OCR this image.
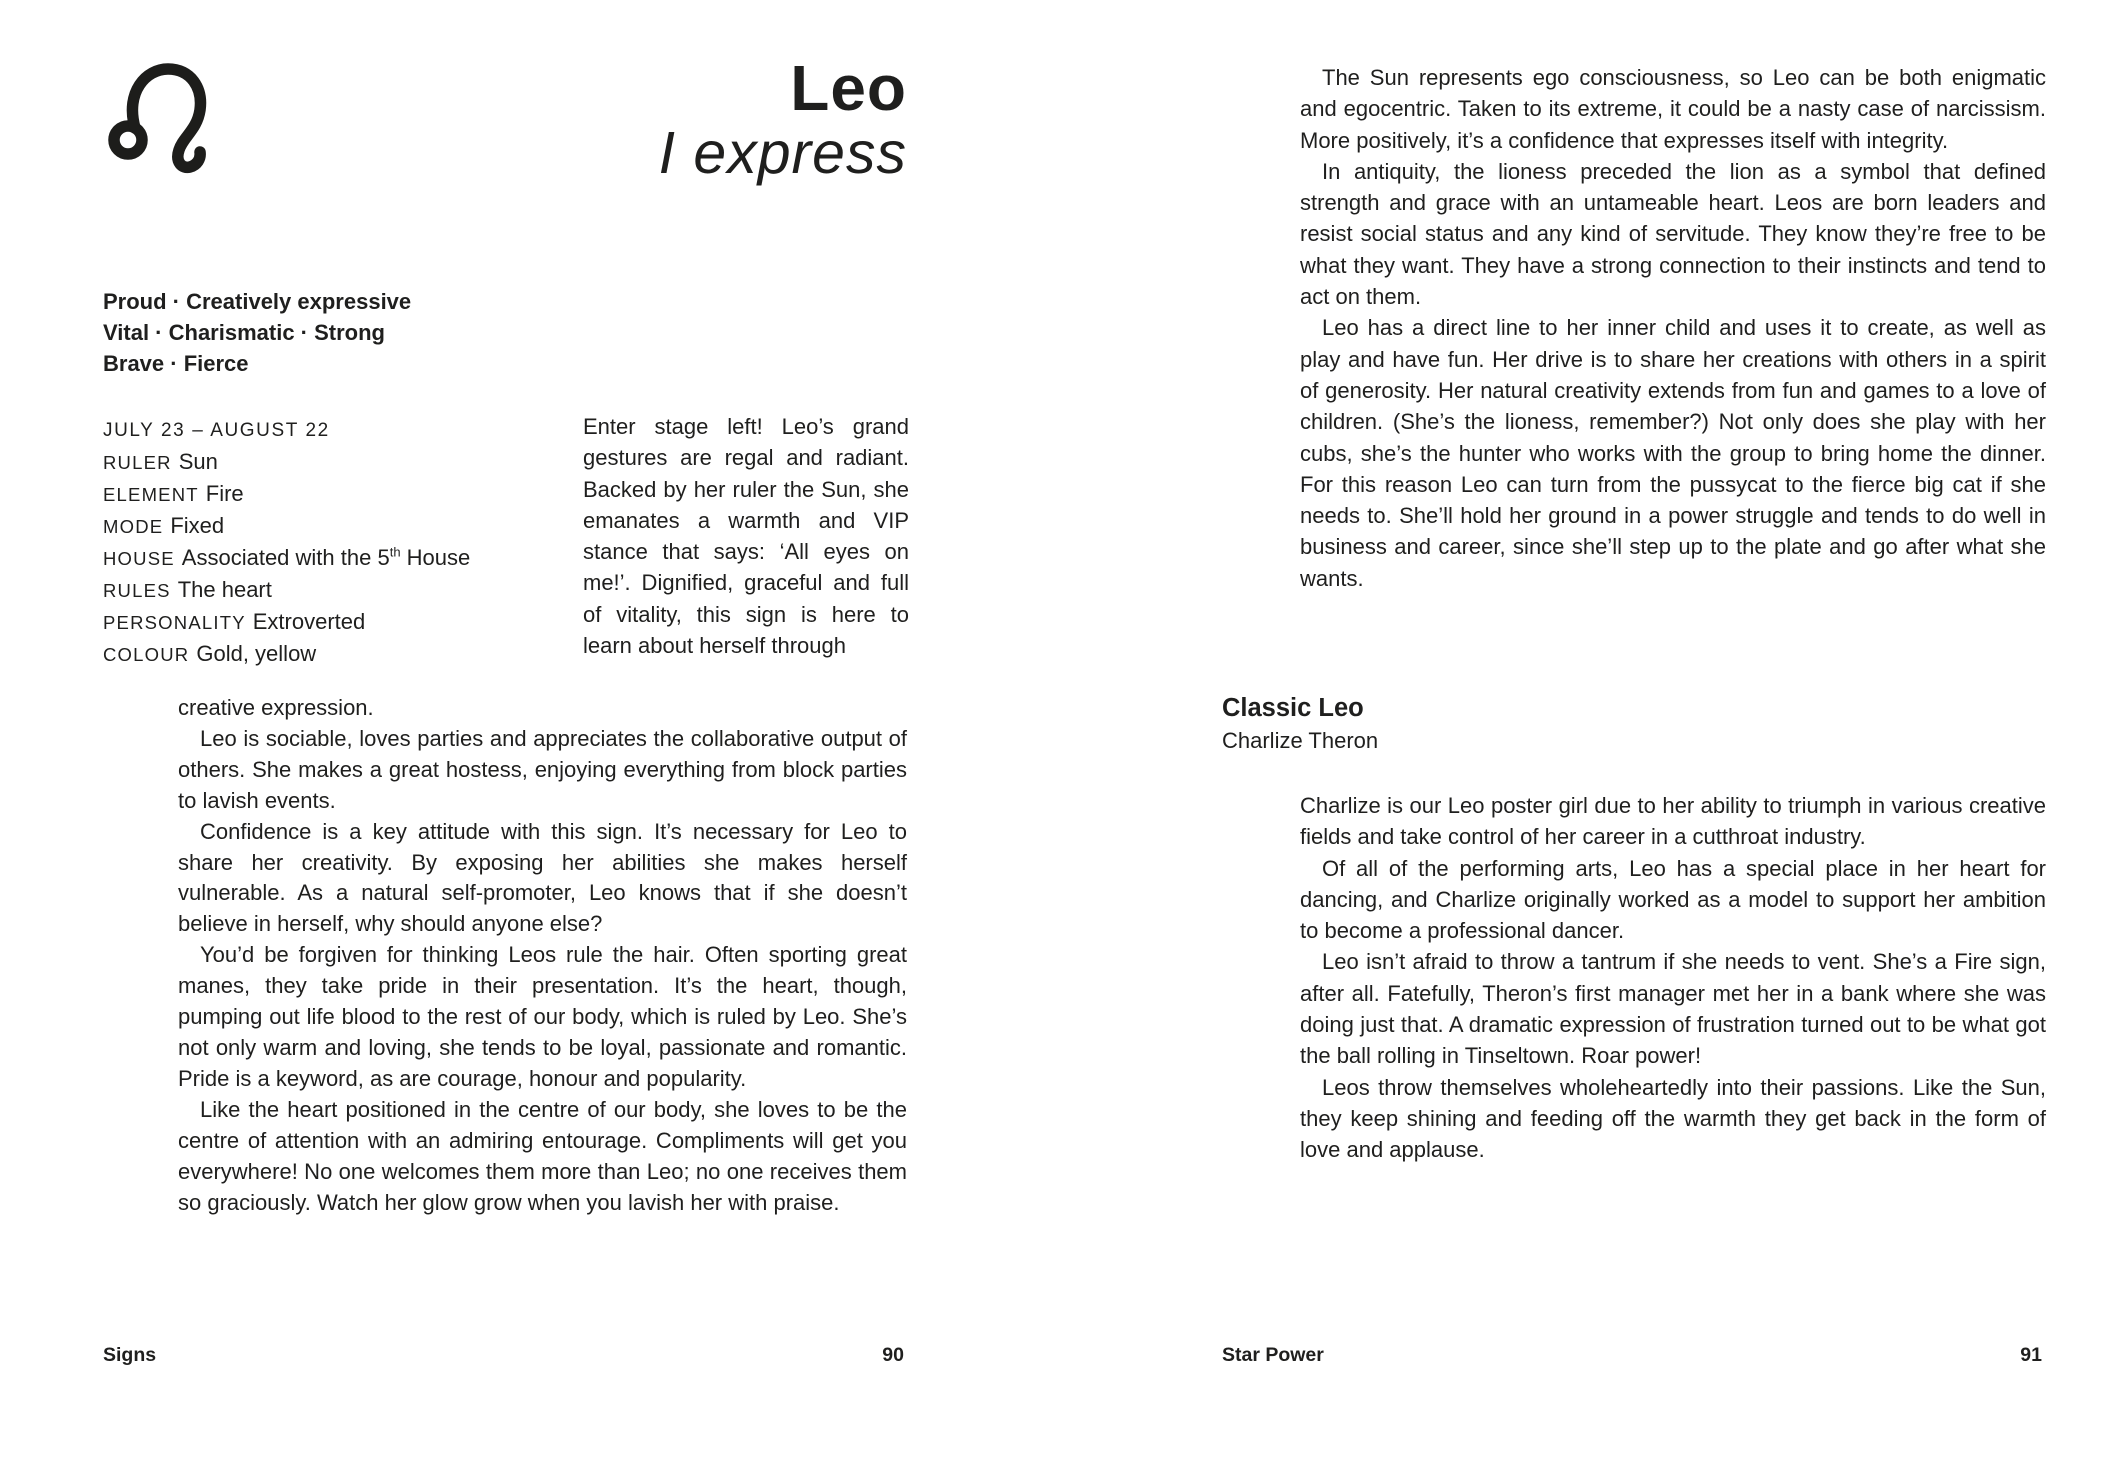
Leo
I express
Proud · Creatively expressive
Vital · Charismatic · Strong
Brave · Fierce
JULY 23 – AUGUST 22
RULER Sun
ELEMENT Fire
MODE Fixed
HOUSE Associated with the 5th House
RULES The heart
PERSONALITY Extroverted
COLOUR Gold, yellow

Enter stage left! Leo’s grand gestures are regal and radiant. Backed by her ruler the Sun, she emanates a warmth and VIP stance that says: ‘All eyes on me!’. Dignified, graceful and full of vitality, this sign is here to learn about herself through

creative expression.

Leo is sociable, loves parties and appreciates the collaborative output of others. She makes a great hostess, enjoying everything from block parties to lavish events.

Confidence is a key attitude with this sign. It’s necessary for Leo to share her creativity. By exposing her abilities she makes herself vulnerable. As a natural self-promoter, Leo knows that if she doesn’t believe in herself, why should anyone else?

You’d be forgiven for thinking Leos rule the hair. Often sporting great manes, they take pride in their presentation. It’s the heart, though, pumping out life blood to the rest of our body, which is ruled by Leo. She’s not only warm and loving, she tends to be loyal, passionate and romantic. Pride is a keyword, as are courage, honour and popularity.

Like the heart positioned in the centre of our body, she loves to be the centre of attention with an admiring entourage. Compliments will get you everywhere! No one welcomes them more than Leo; no one receives them so graciously. Watch her glow grow when you lavish her with praise.

Signs	90

The Sun represents ego consciousness, so Leo can be both enigmatic and egocentric. Taken to its extreme, it could be a nasty case of narcissism. More positively, it’s a confidence that expresses itself with integrity.

In antiquity, the lioness preceded the lion as a symbol that defined strength and grace with an untameable heart. Leos are born leaders and resist social status and any kind of servitude. They know they’re free to be what they want. They have a strong connection to their instincts and tend to act on them.

Leo has a direct line to her inner child and uses it to create, as well as play and have fun. Her drive is to share her creations with others in a spirit of generosity. Her natural creativity extends from fun and games to a love of children. (She’s the lioness, remember?) Not only does she play with her cubs, she’s the hunter who works with the group to bring home the dinner. For this reason Leo can turn from the pussycat to the fierce big cat if she needs to. She’ll hold her ground in a power struggle and tends to do well in business and career, since she’ll step up to the plate and go after what she wants.

Classic Leo
Charlize Theron

Charlize is our Leo poster girl due to her ability to triumph in various creative fields and take control of her career in a cutthroat industry.

Of all of the performing arts, Leo has a special place in her heart for dancing, and Charlize originally worked as a model to support her ambition to become a professional dancer.

Leo isn’t afraid to throw a tantrum if she needs to vent. She’s a Fire sign, after all. Fatefully, Theron’s first manager met her in a bank where she was doing just that. A dramatic expression of frustration turned out to be what got the ball rolling in Tinseltown. Roar power!

Leos throw themselves wholeheartedly into their passions. Like the Sun, they keep shining and feeding off the warmth they get back in the form of love and applause.

Star Power	91
